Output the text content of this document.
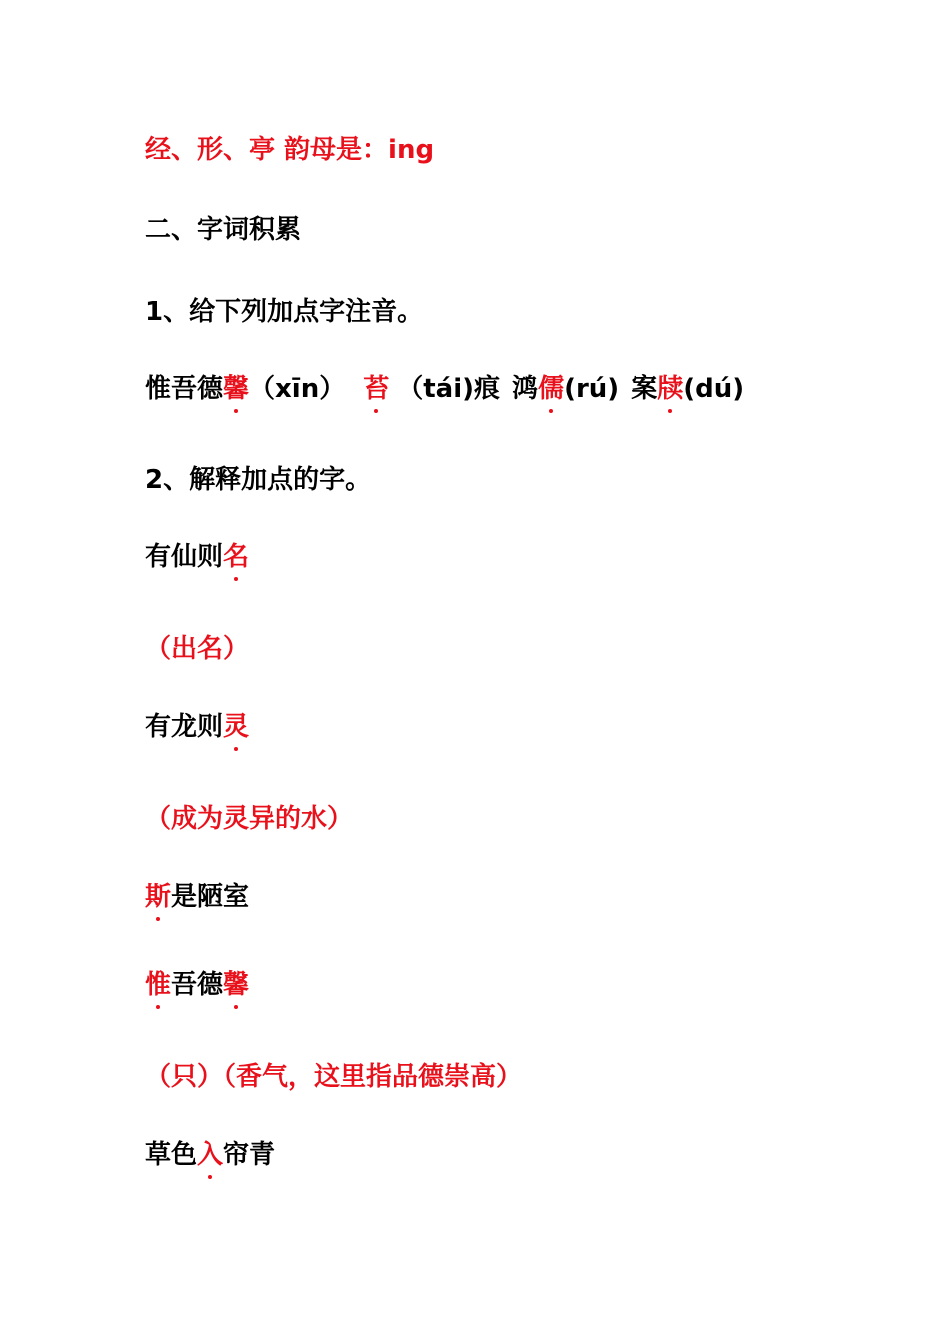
经、形、亭 韵母是：ing
二、字词积累
1、给下列加点字注音。
惟吾德馨（xīn） 苔 （tái)痕 鸿儒(rú) 案牍(dú)
2、解释加点的字。
有仙则名
（出名）
有龙则灵
（成为灵异的水）
斯是陋室
惟吾德馨
（只）（香气，这里指品德崇高）
草色入帘青
